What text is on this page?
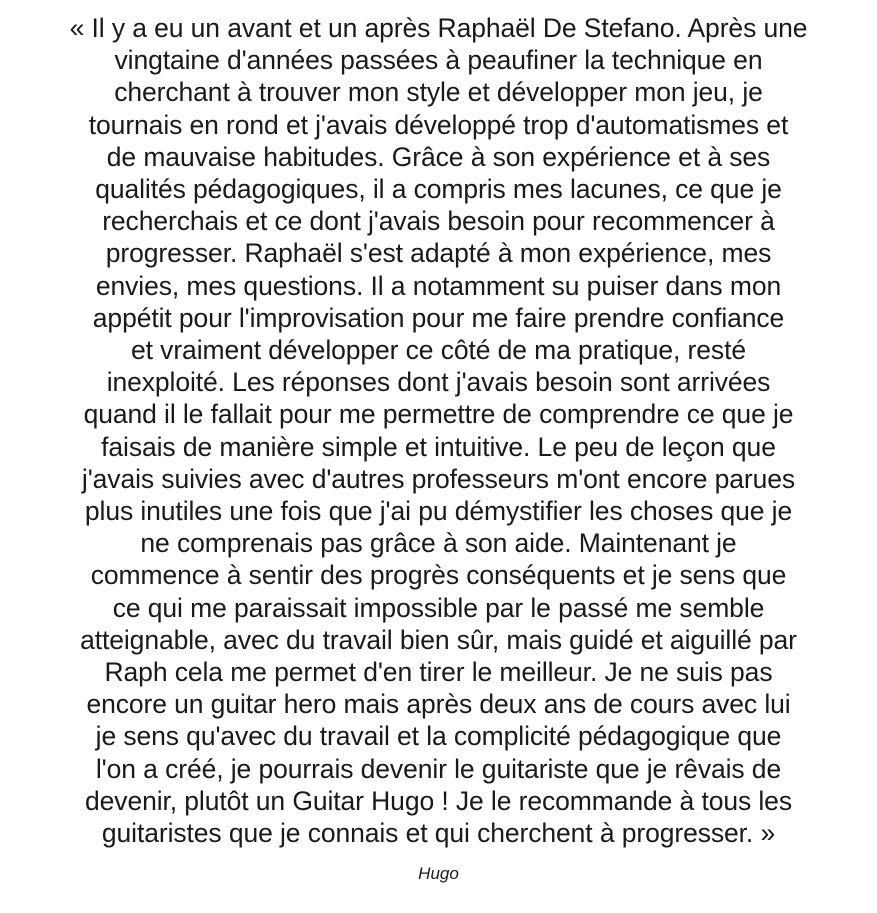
« Il y a eu un avant et un après Raphaël De Stefano. Après une
vingtaine d'années passées à peaufiner la technique en
cherchant à trouver mon style et développer mon jeu, je
tournais en rond et j'avais développé trop d'automatismes et
de mauvaise habitudes. Grâce à son expérience et à ses
qualités pédagogiques, il a compris mes lacunes, ce que je
recherchais et ce dont j'avais besoin pour recommencer à
progresser. Raphaël s'est adapté à mon expérience, mes
envies, mes questions. Il a notamment su puiser dans mon
appétit pour l'improvisation pour me faire prendre confiance
et vraiment développer ce côté de ma pratique, resté
inexploité. Les réponses dont j'avais besoin sont arrivées
quand il le fallait pour me permettre de comprendre ce que je
faisais de manière simple et intuitive. Le peu de leçon que
j'avais suivies avec d'autres professeurs m'ont encore parues
plus inutiles une fois que j'ai pu démystifier les choses que je
ne comprenais pas grâce à son aide. Maintenant je
commence à sentir des progrès conséquents et je sens que
ce qui me paraissait impossible par le passé me semble
atteignable, avec du travail bien sûr, mais guidé et aiguillé par
Raph cela me permet d'en tirer le meilleur. Je ne suis pas
encore un guitar hero mais après deux ans de cours avec lui
je sens qu'avec du travail et la complicité pédagogique que
l'on a créé, je pourrais devenir le guitariste que je rêvais de
devenir, plutôt un Guitar Hugo ! Je le recommande à tous les
guitaristes que je connais et qui cherchent à progresser. »
Hugo
